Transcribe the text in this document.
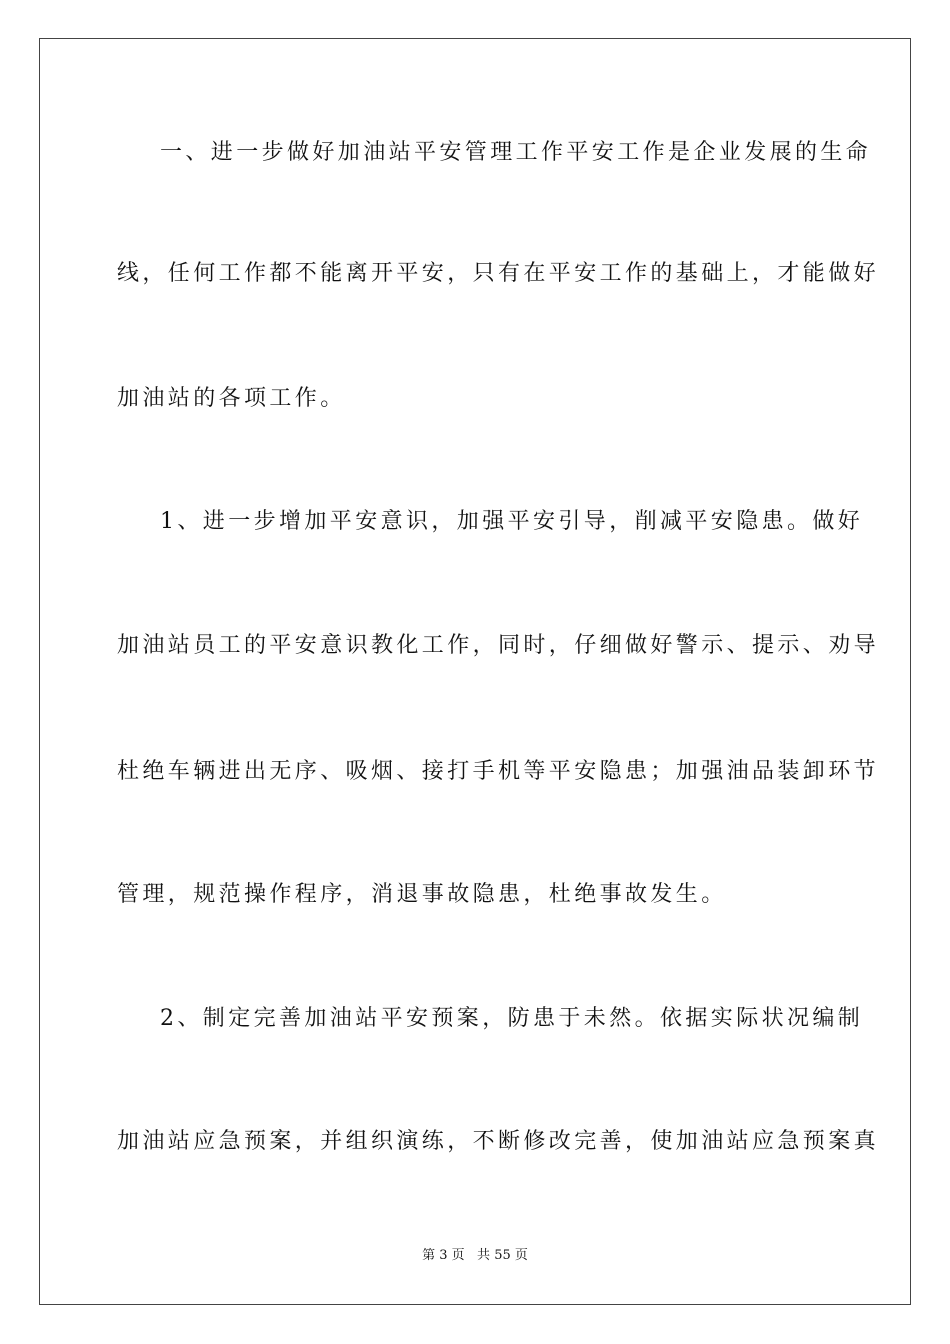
一、进一步做好加油站平安管理工作平安工作是企业发展的生命
线，任何工作都不能离开平安，只有在平安工作的基础上，才能做好
加油站的各项工作。
1、进一步增加平安意识，加强平安引导，削减平安隐患。做好
加油站员工的平安意识教化工作，同时，仔细做好警示、提示、劝导
杜绝车辆进出无序、吸烟、接打手机等平安隐患；加强油品装卸环节
管理，规范操作程序，消退事故隐患，杜绝事故发生。
2、制定完善加油站平安预案，防患于未然。依据实际状况编制
加油站应急预案，并组织演练，不断修改完善，使加油站应急预案真
第 3 页   共 55 页
